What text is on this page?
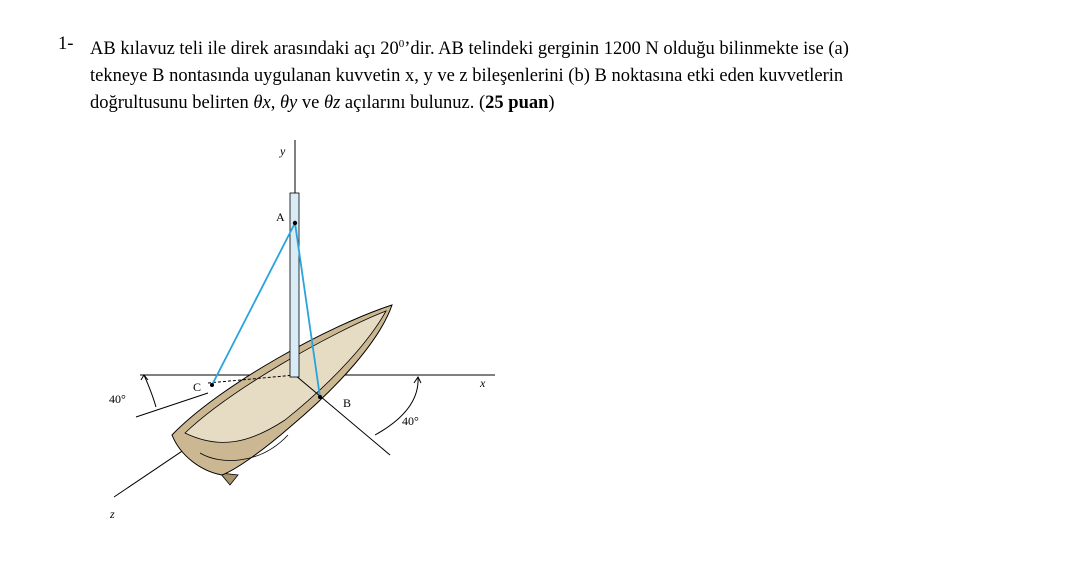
1- AB kılavuz teli ile direk arasındaki açı $20^0’dir$. AB telindeki gerginin 1200 N olduğu bilinmekte ise (a)
tekneye B nontasında uygulanan kuvvetin x, y ve z bileşenlerini (b) B noktasına etki eden kuvvetlerin
doğrultusunu belirten θx, θy ve θz açılarını bulunuz. (25 puan)
y
x
z
A
B
C
40°
40°
